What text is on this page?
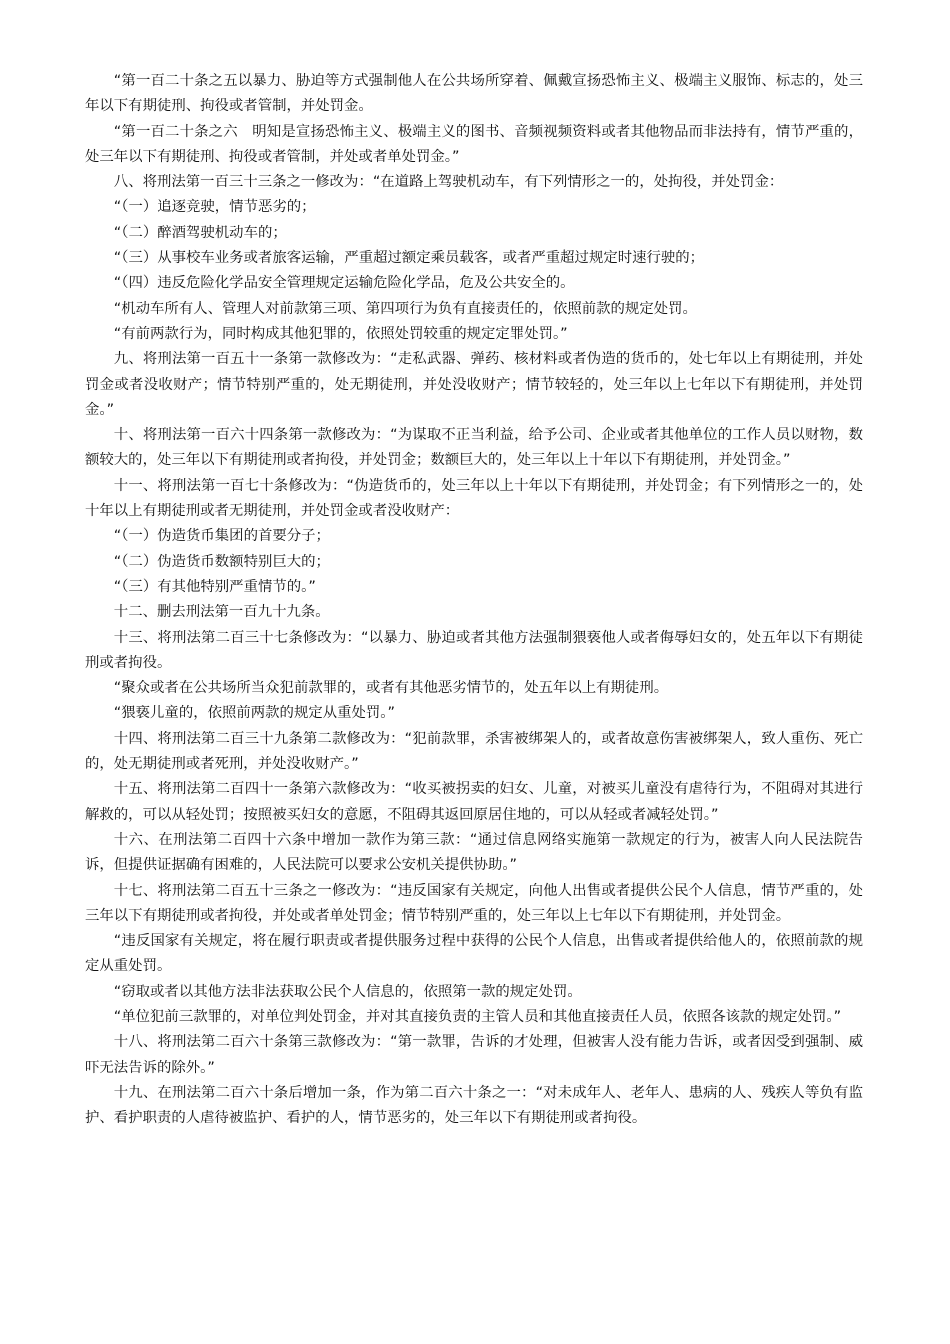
“第一百二十条之五以暴力、胁迫等方式强制他人在公共场所穿着、佩戴宣扬恐怖主义、极端主义服饰、标志的，处三年以下有期徒刑、拘役或者管制，并处罚金。

“第一百二十条之六　明知是宣扬恐怖主义、极端主义的图书、音频视频资料或者其他物品而非法持有，情节严重的，处三年以下有期徒刑、拘役或者管制，并处或者单处罚金。”

八、将刑法第一百三十三条之一修改为：“在道路上驾驶机动车，有下列情形之一的，处拘役，并处罚金：

“（一）追逐竞驶，情节恶劣的；

“（二）醉酒驾驶机动车的；

“（三）从事校车业务或者旅客运输，严重超过额定乘员载客，或者严重超过规定时速行驶的；

“（四）违反危险化学品安全管理规定运输危险化学品，危及公共安全的。

“机动车所有人、管理人对前款第三项、第四项行为负有直接责任的，依照前款的规定处罚。

“有前两款行为，同时构成其他犯罪的，依照处罚较重的规定定罪处罚。”

九、将刑法第一百五十一条第一款修改为：“走私武器、弹药、核材料或者伪造的货币的，处七年以上有期徒刑，并处罚金或者没收财产；情节特别严重的，处无期徒刑，并处没收财产；情节较轻的，处三年以上七年以下有期徒刑，并处罚金。”

十、将刑法第一百六十四条第一款修改为：“为谋取不正当利益，给予公司、企业或者其他单位的工作人员以财物，数额较大的，处三年以下有期徒刑或者拘役，并处罚金；数额巨大的，处三年以上十年以下有期徒刑，并处罚金。”

十一、将刑法第一百七十条修改为：“伪造货币的，处三年以上十年以下有期徒刑，并处罚金；有下列情形之一的，处十年以上有期徒刑或者无期徒刑，并处罚金或者没收财产：

“（一）伪造货币集团的首要分子；

“（二）伪造货币数额特别巨大的；

“（三）有其他特别严重情节的。”

十二、删去刑法第一百九十九条。

十三、将刑法第二百三十七条修改为：“以暴力、胁迫或者其他方法强制猥亵他人或者侮辱妇女的，处五年以下有期徒刑或者拘役。

“聚众或者在公共场所当众犯前款罪的，或者有其他恶劣情节的，处五年以上有期徒刑。

“猥亵儿童的，依照前两款的规定从重处罚。”

十四、将刑法第二百三十九条第二款修改为：“犯前款罪，杀害被绑架人的，或者故意伤害被绑架人，致人重伤、死亡的，处无期徒刑或者死刑，并处没收财产。”

十五、将刑法第二百四十一条第六款修改为：“收买被拐卖的妇女、儿童，对被买儿童没有虐待行为，不阻碍对其进行解救的，可以从轻处罚；按照被买妇女的意愿，不阻碍其返回原居住地的，可以从轻或者减轻处罚。”

十六、在刑法第二百四十六条中增加一款作为第三款：“通过信息网络实施第一款规定的行为，被害人向人民法院告诉，但提供证据确有困难的，人民法院可以要求公安机关提供协助。”

十七、将刑法第二百五十三条之一修改为：“违反国家有关规定，向他人出售或者提供公民个人信息，情节严重的，处三年以下有期徒刑或者拘役，并处或者单处罚金；情节特别严重的，处三年以上七年以下有期徒刑，并处罚金。

“违反国家有关规定，将在履行职责或者提供服务过程中获得的公民个人信息，出售或者提供给他人的，依照前款的规定从重处罚。

“窃取或者以其他方法非法获取公民个人信息的，依照第一款的规定处罚。

“单位犯前三款罪的，对单位判处罚金，并对其直接负责的主管人员和其他直接责任人员，依照各该款的规定处罚。”

十八、将刑法第二百六十条第三款修改为：“第一款罪，告诉的才处理，但被害人没有能力告诉，或者因受到强制、威吓无法告诉的除外。”

十九、在刑法第二百六十条后增加一条，作为第二百六十条之一：“对未成年人、老年人、患病的人、残疾人等负有监护、看护职责的人虐待被监护、看护的人，情节恶劣的，处三年以下有期徒刑或者拘役。
